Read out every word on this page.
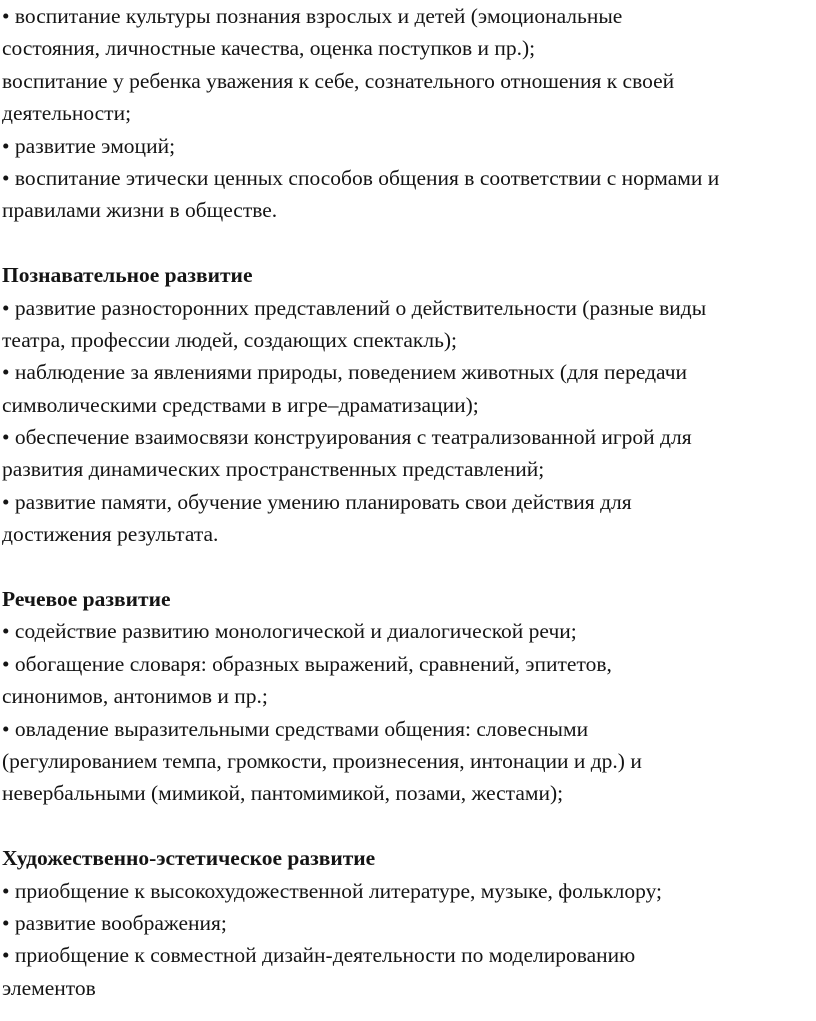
• воспитание культуры познания взрослых и детей (эмоциональные
состояния, личностные качества, оценка поступков и пр.);
воспитание у ребенка уважения к себе, сознательного отношения к своей
деятельности;
• развитие эмоций;
• воспитание этически ценных способов общения в соответствии с нормами и
правилами жизни в обществе.
Познавательное развитие
• развитие разносторонних представлений о действительности (разные виды
театра, профессии людей, создающих спектакль);
• наблюдение за явлениями природы, поведением животных (для передачи
символическими средствами в игре–драматизации);
• обеспечение взаимосвязи конструирования с театрализованной игрой для
развития динамических пространственных представлений;
• развитие памяти, обучение умению планировать свои действия для
достижения результата.
Речевое развитие
• содействие развитию монологической и диалогической речи;
• обогащение словаря: образных выражений, сравнений, эпитетов,
синонимов, антонимов и пр.;
• овладение выразительными средствами общения: словесными
(регулированием темпа, громкости, произнесения, интонации и др.) и
невербальными (мимикой, пантомимикой, позами, жестами);
Художественно-эстетическое развитие
• приобщение к высокохудожественной литературе, музыке, фольклору;
• развитие воображения;
• приобщение к совместной дизайн-деятельности по моделированию
элементов
